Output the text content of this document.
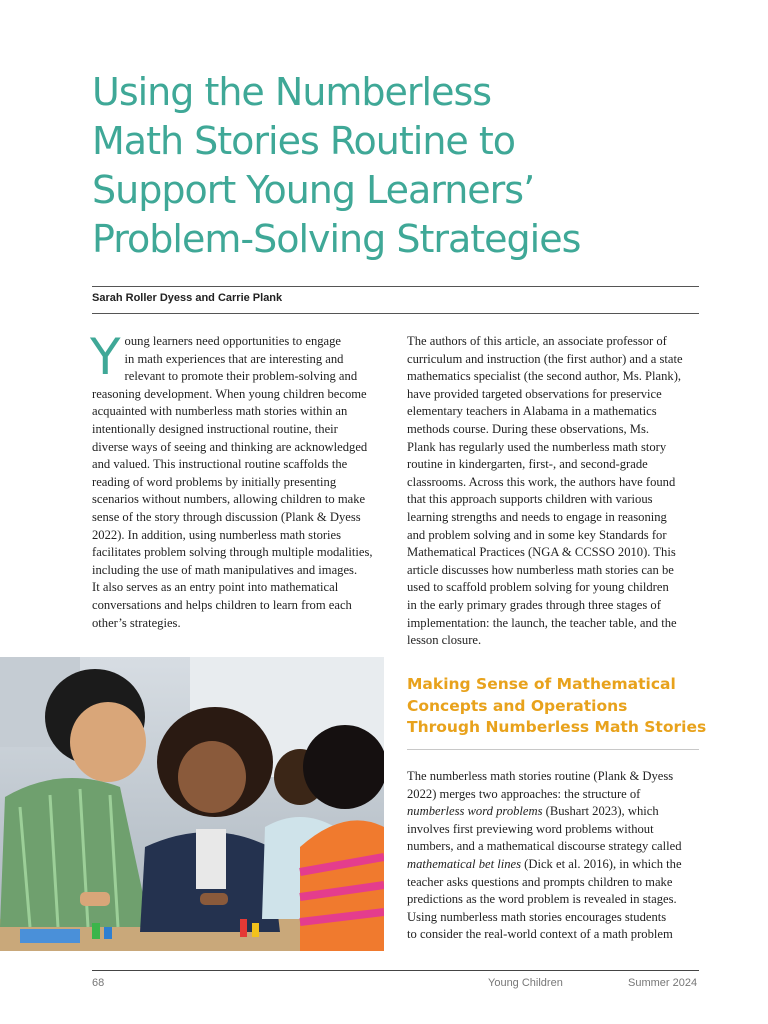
Using the Numberless
Math Stories Routine to
Support Young Learners’
Problem-Solving Strategies
Sarah Roller Dyess and Carrie Plank
Y oung learners need opportunities to engage
in math experiences that are interesting and
relevant to promote their problem-solving and
reasoning development. When young children become
acquainted with numberless math stories within an
intentionally designed instructional routine, their
diverse ways of seeing and thinking are acknowledged
and valued. This instructional routine scaffolds the
reading of word problems by initially presenting
scenarios without numbers, allowing children to make
sense of the story through discussion (Plank & Dyess
2022). In addition, using numberless math stories
facilitates problem solving through multiple modalities,
including the use of math manipulatives and images.
It also serves as an entry point into mathematical
conversations and helps children to learn from each
other’s strategies.
The authors of this article, an associate professor of
curriculum and instruction (the first author) and a state
mathematics specialist (the second author, Ms. Plank),
have provided targeted observations for preservice
elementary teachers in Alabama in a mathematics
methods course. During these observations, Ms.
Plank has regularly used the numberless math story
routine in kindergarten, first-, and second-grade
classrooms. Across this work, the authors have found
that this approach supports children with various
learning strengths and needs to engage in reasoning
and problem solving and in some key Standards for
Mathematical Practices (NGA & CCSSO 2010). This
article discusses how numberless math stories can be
used to scaffold problem solving for young children
in the early primary grades through three stages of
implementation: the launch, the teacher table, and the
lesson closure.
Making Sense of Mathematical
Concepts and Operations
Through Numberless Math Stories
The numberless math stories routine (Plank & Dyess
2022) merges two approaches: the structure of
numberless word problems (Bushart 2023), which
involves first previewing word problems without
numbers, and a mathematical discourse strategy called
mathematical bet lines (Dick et al. 2016), in which the
teacher asks questions and prompts children to make
predictions as the word problem is revealed in stages.
Using numberless math stories encourages students
to consider the real-world context of a math problem
68	Young Children	Summer 2024
